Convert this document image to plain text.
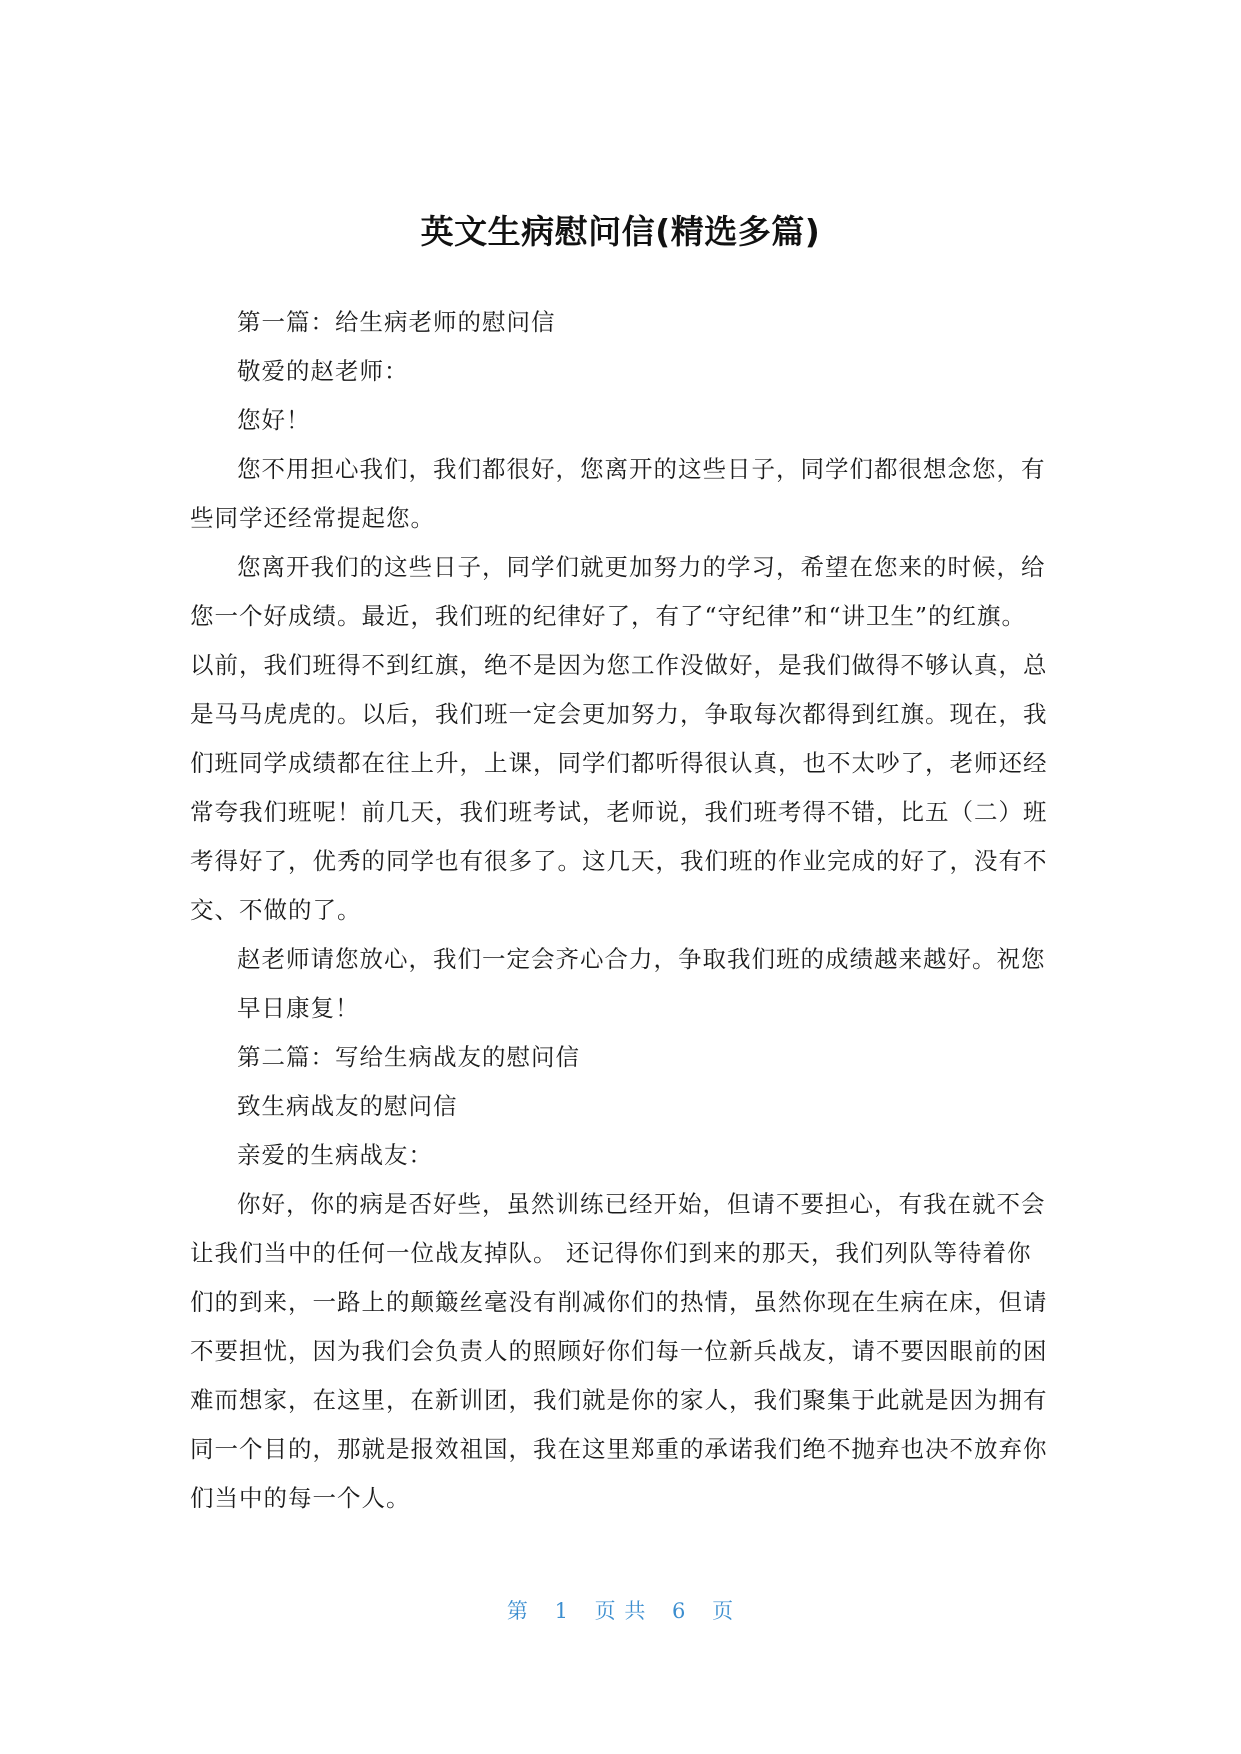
英文生病慰问信(精选多篇)

第一篇：给生病老师的慰问信

敬爱的赵老师：

您好！

您不用担心我们，我们都很好，您离开的这些日子，同学们都很想念您，有些同学还经常提起您。

您离开我们的这些日子，同学们就更加努力的学习，希望在您来的时候，给您一个好成绩。最近，我们班的纪律好了，有了“守纪律”和“讲卫生”的红旗。以前，我们班得不到红旗，绝不是因为您工作没做好，是我们做得不够认真，总是马马虎虎的。以后，我们班一定会更加努力，争取每次都得到红旗。现在，我们班同学成绩都在往上升，上课，同学们都听得很认真，也不太吵了，老师还经常夸我们班呢！前几天，我们班考试，老师说，我们班考得不错，比五（二）班考得好了，优秀的同学也有很多了。这几天，我们班的作业完成的好了，没有不交、不做的了。

赵老师请您放心，我们一定会齐心合力，争取我们班的成绩越来越好。祝您

早日康复！

第二篇：写给生病战友的慰问信

致生病战友的慰问信

亲爱的生病战友：

你好，你的病是否好些，虽然训练已经开始，但请不要担心，有我在就不会让我们当中的任何一位战友掉队。 还记得你们到来的那天，我们列队等待着你们的到来，一路上的颠簸丝毫没有削减你们的热情，虽然你现在生病在床，但请不要担忧，因为我们会负责人的照顾好你们每一位新兵战友，请不要因眼前的困难而想家，在这里，在新训团，我们就是你的家人，我们聚集于此就是因为拥有同一个目的，那就是报效祖国，我在这里郑重的承诺我们绝不抛弃也决不放弃你们当中的每一个人。

第 1 页 共 6 页
